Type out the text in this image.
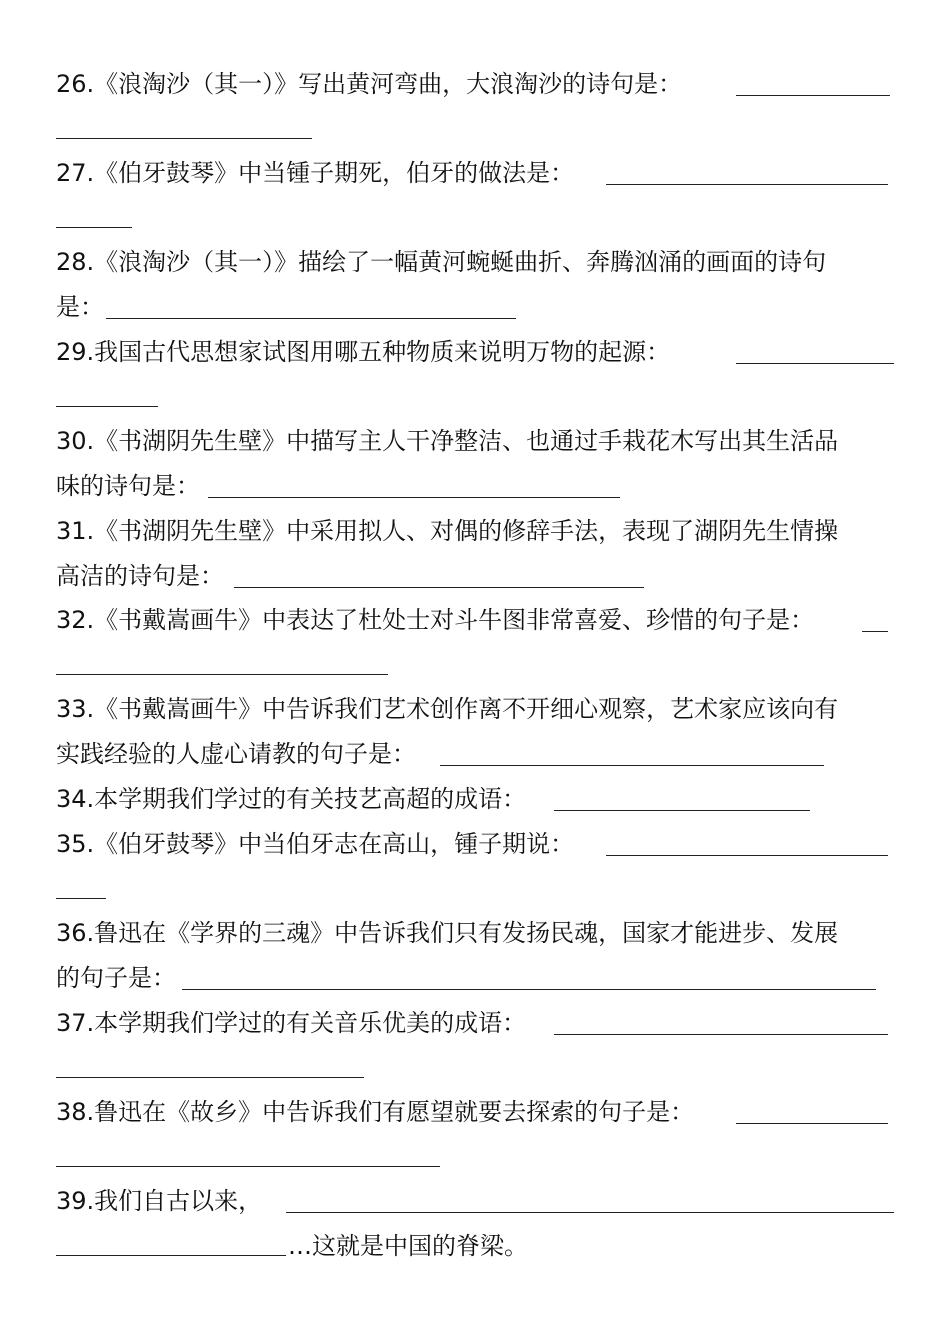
26.《浪淘沙（其一）》写出黄河弯曲，大浪淘沙的诗句是：
27.《伯牙鼓琴》中当锺子期死，伯牙的做法是：
28.《浪淘沙（其一）》描绘了一幅黄河蜿蜒曲折、奔腾汹涌的画面的诗句
是：
29.我国古代思想家试图用哪五种物质来说明万物的起源：
30.《书湖阴先生壁》中描写主人干净整洁、也通过手栽花木写出其生活品
味的诗句是：
31.《书湖阴先生壁》中采用拟人、对偶的修辞手法，表现了湖阴先生情操
高洁的诗句是：
32.《书戴嵩画牛》中表达了杜处士对斗牛图非常喜爱、珍惜的句子是：
33.《书戴嵩画牛》中告诉我们艺术创作离不开细心观察，艺术家应该向有
实践经验的人虚心请教的句子是：
34.本学期我们学过的有关技艺高超的成语：
35.《伯牙鼓琴》中当伯牙志在高山，锺子期说：
36.鲁迅在《学界的三魂》中告诉我们只有发扬民魂，国家才能进步、发展
的句子是：
37.本学期我们学过的有关音乐优美的成语：
38.鲁迅在《故乡》中告诉我们有愿望就要去探索的句子是：
39.我们自古以来，
…这就是中国的脊梁。
